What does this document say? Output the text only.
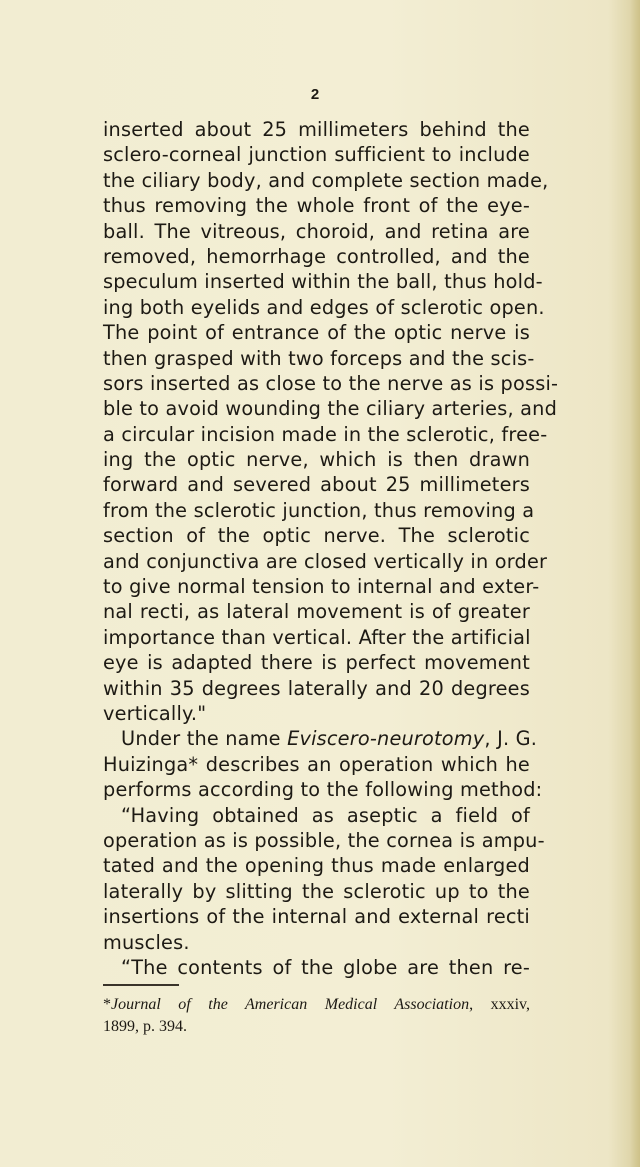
2
inserted about 25 millimeters behind the
sclero-corneal junction sufficient to include
the ciliary body, and complete section made,
thus removing the whole front of the eye-
ball. The vitreous, choroid, and retina are
removed, hemorrhage controlled, and the
speculum inserted within the ball, thus hold-
ing both eyelids and edges of sclerotic open.
The point of entrance of the optic nerve is
then grasped with two forceps and the scis-
sors inserted as close to the nerve as is possi-
ble to avoid wounding the ciliary arteries, and
a circular incision made in the sclerotic, free-
ing the optic nerve, which is then drawn
forward and severed about 25 millimeters
from the sclerotic junction, thus removing a
section of the optic nerve. The sclerotic
and conjunctiva are closed vertically in order
to give normal tension to internal and exter-
nal recti, as lateral movement is of greater
importance than vertical. After the artificial
eye is adapted there is perfect movement
within 35 degrees laterally and 20 degrees
vertically."
Under the name Eviscero-neurotomy, J. G.
Huizinga* describes an operation which he
performs according to the following method:
“Having obtained as aseptic a field of
operation as is possible, the cornea is ampu-
tated and the opening thus made enlarged
laterally by slitting the sclerotic up to the
insertions of the internal and external recti
muscles.
“The contents of the globe are then re-
*Journal of the American Medical Association, xxxiv,
1899, p. 394.
